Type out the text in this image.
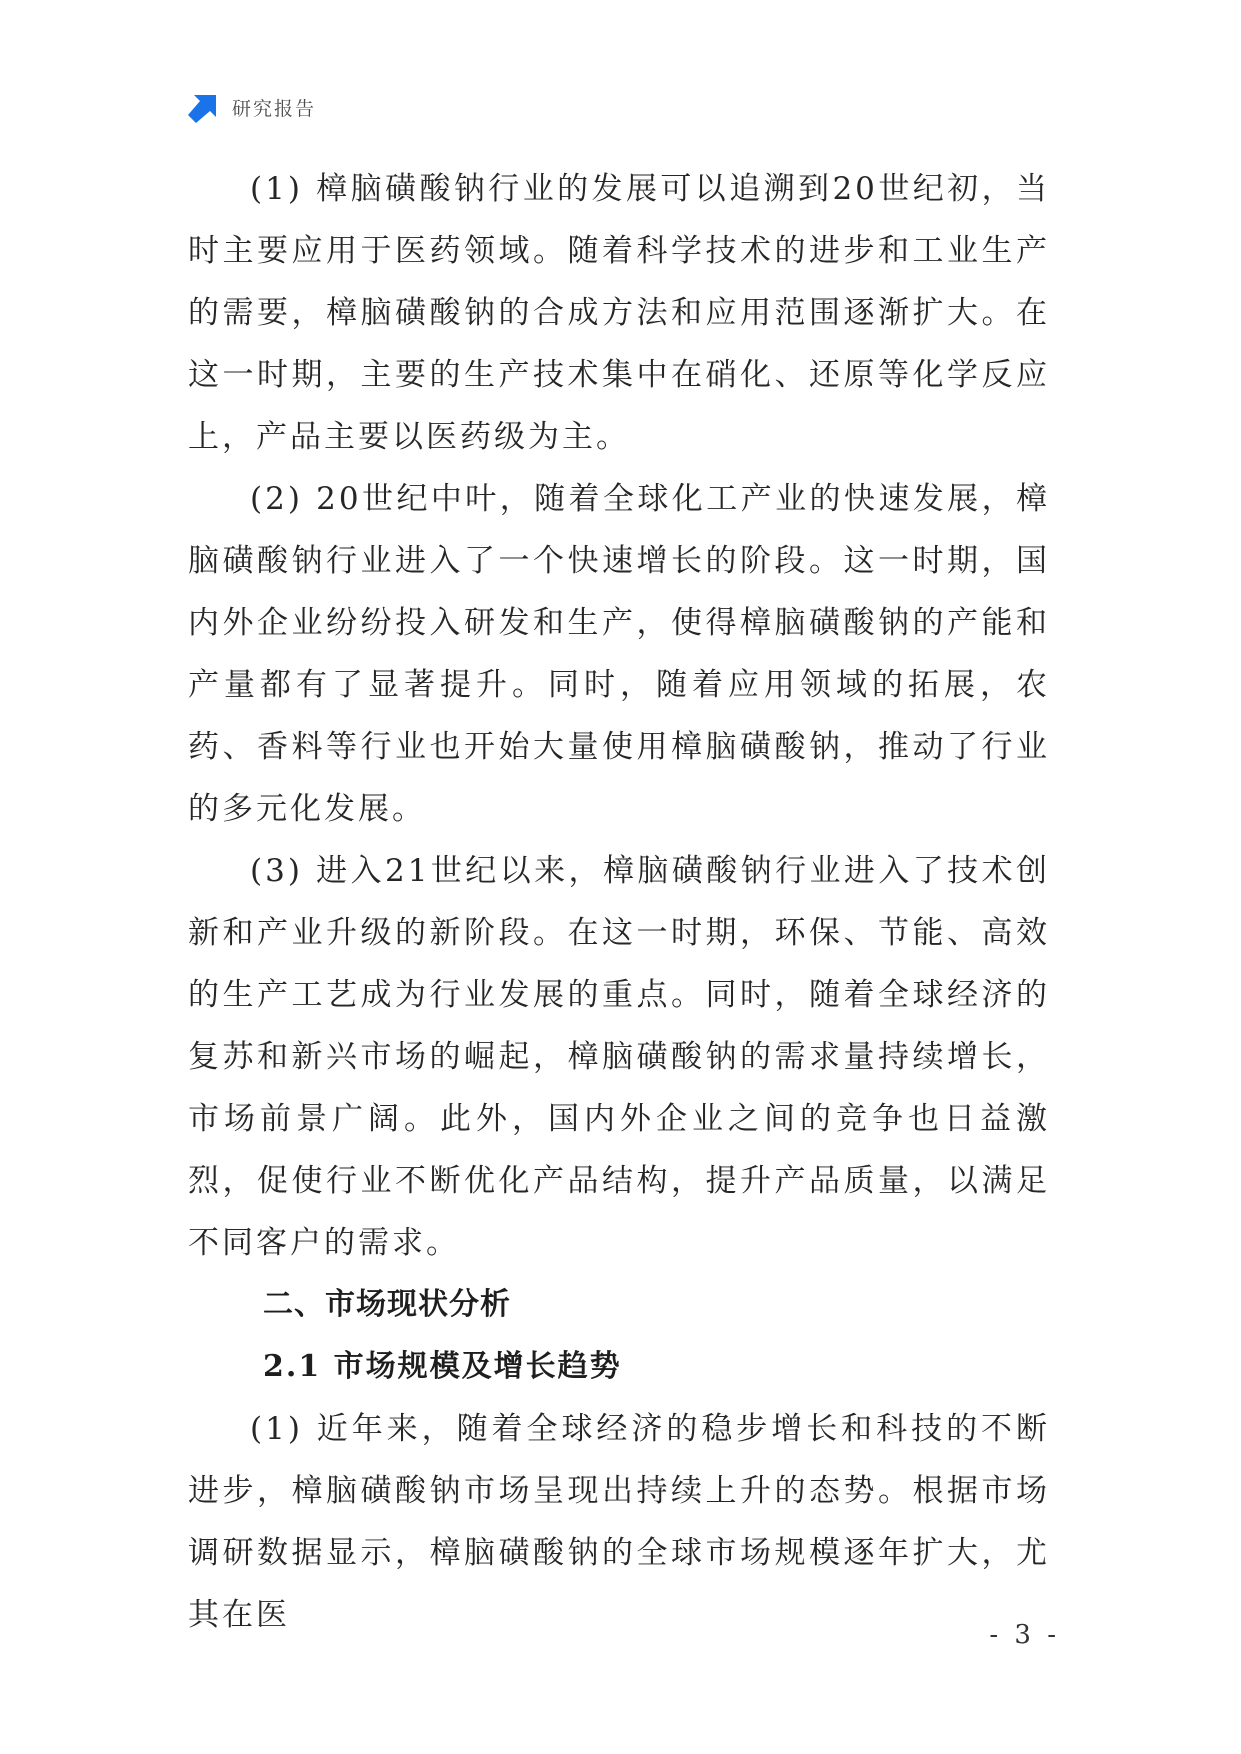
研究报告

(1) 樟脑磺酸钠行业的发展可以追溯到20世纪初，当时主要应用于医药领域。随着科学技术的进步和工业生产的需要，樟脑磺酸钠的合成方法和应用范围逐渐扩大。在这一时期，主要的生产技术集中在硝化、还原等化学反应上，产品主要以医药级为主。

(2) 20世纪中叶，随着全球化工产业的快速发展，樟脑磺酸钠行业进入了一个快速增长的阶段。这一时期，国内外企业纷纷投入研发和生产，使得樟脑磺酸钠的产能和产量都有了显著提升。同时，随着应用领域的拓展，农药、香料等行业也开始大量使用樟脑磺酸钠，推动了行业的多元化发展。

(3) 进入21世纪以来，樟脑磺酸钠行业进入了技术创新和产业升级的新阶段。在这一时期，环保、节能、高效的生产工艺成为行业发展的重点。同时，随着全球经济的复苏和新兴市场的崛起，樟脑磺酸钠的需求量持续增长，市场前景广阔。此外，国内外企业之间的竞争也日益激烈，促使行业不断优化产品结构，提升产品质量，以满足不同客户的需求。

二、市场现状分析
2.1 市场规模及增长趋势

(1) 近年来，随着全球经济的稳步增长和科技的不断进步，樟脑磺酸钠市场呈现出持续上升的态势。根据市场调研数据显示，樟脑磺酸钠的全球市场规模逐年扩大，尤其在医

- 3 -
